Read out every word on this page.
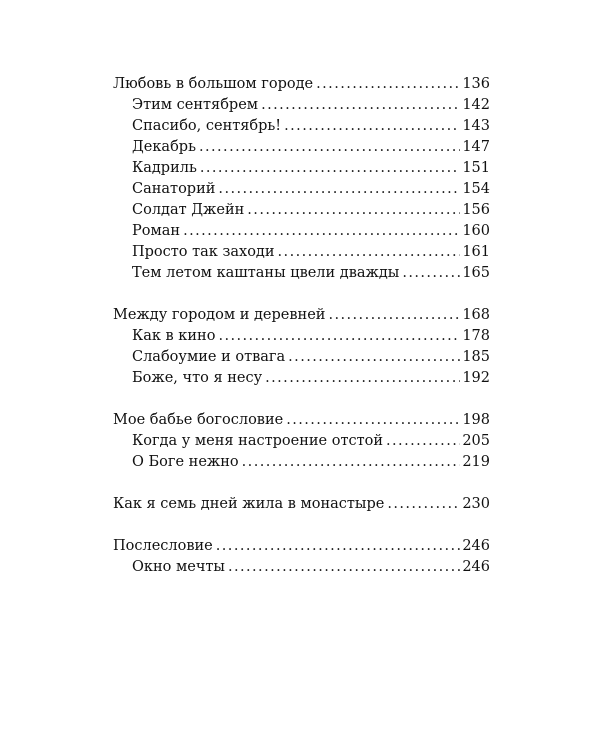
Любовь в большом городе . . .	136
Этим сентябрем . . .	142
Спасибо, сентябрь! . . .	143
Декабрь . . .	147
Кадриль . . .	151
Санаторий . . .	154
Солдат Джейн . . .	156
Роман . . .	160
Просто так заходи . . .	161
Тем летом каштаны цвели дважды . . .	165
Между городом и деревней . . .	168
Как в кино . . .	178
Слабоумие и отвага . . .	185
Боже, что я несу . . .	192
Мое бабье богословие . . .	198
Когда у меня настроение отстой . . .	205
О Боге нежно . . .	219
Как я семь дней жила в монастыре . . .	230
Послесловие . . .	246
Окно мечты . . .	246
